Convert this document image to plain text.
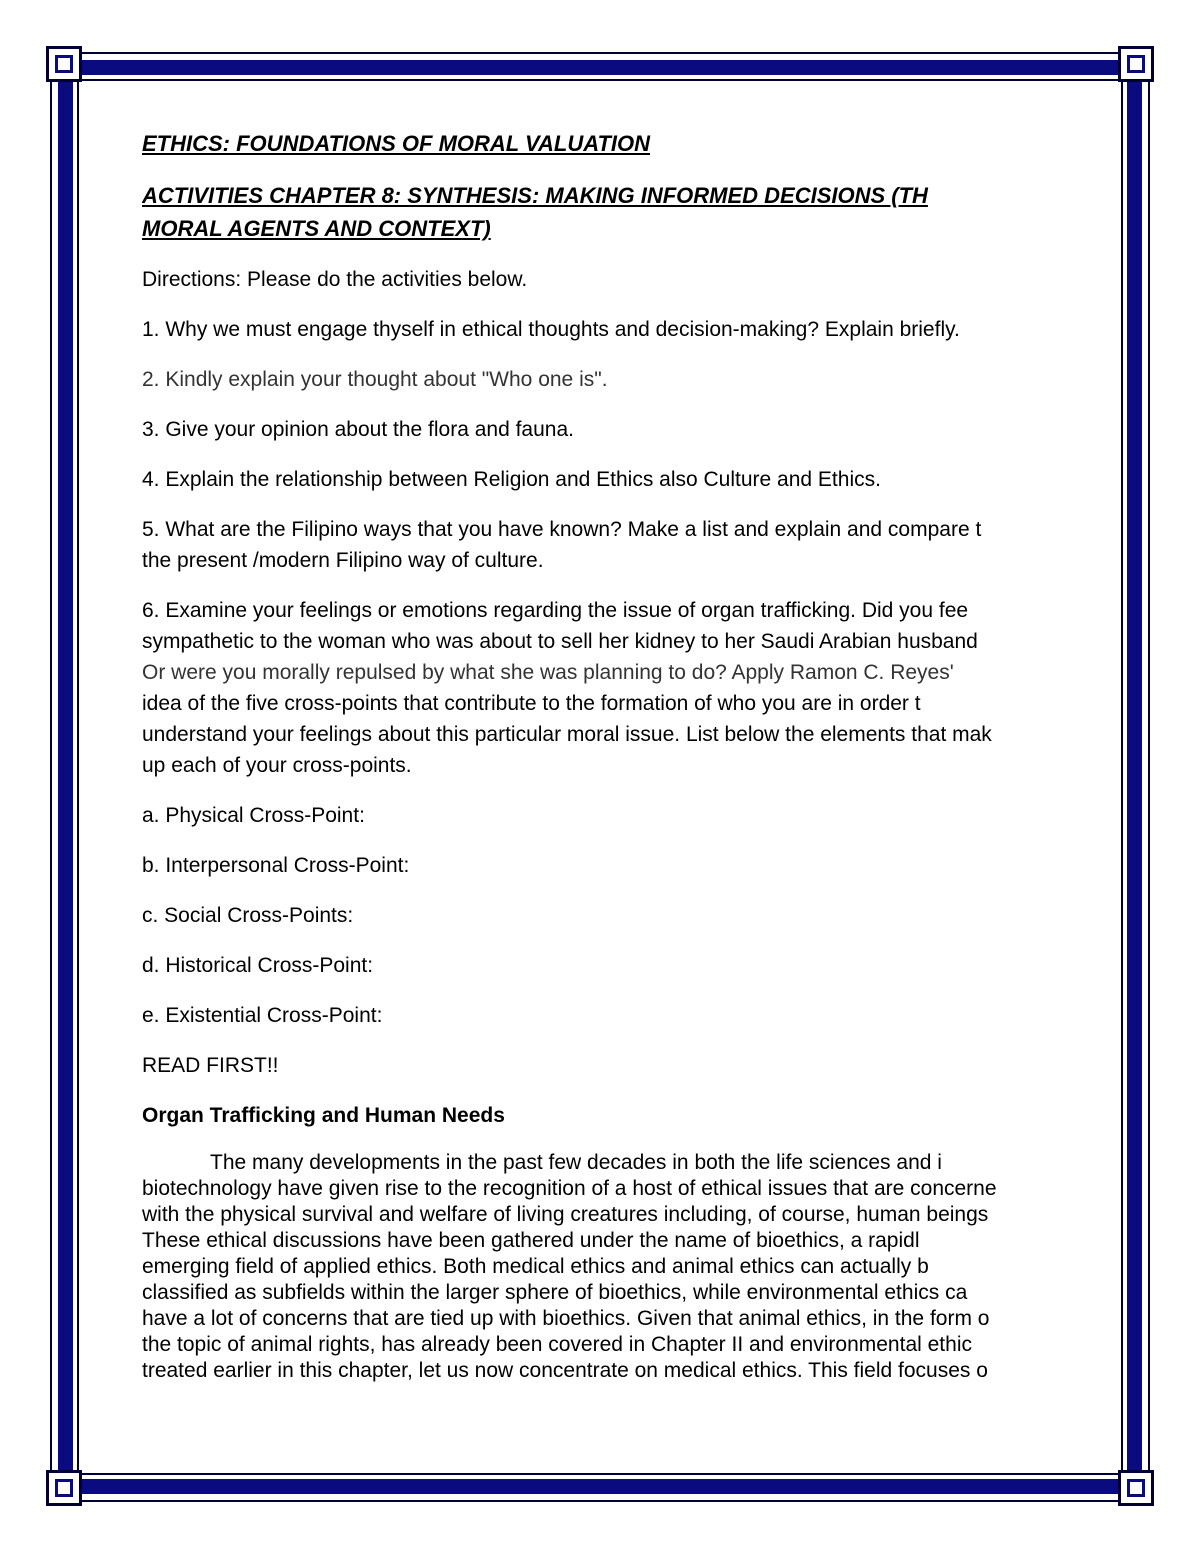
ETHICS: FOUNDATIONS OF MORAL VALUATION

ACTIVITIES CHAPTER 8: SYNTHESIS: MAKING INFORMED DECISIONS (TH
MORAL AGENTS AND CONTEXT)

Directions: Please do the activities below.

1. Why we must engage thyself in ethical thoughts and decision-making? Explain briefly.

2. Kindly explain your thought about "Who one is".

3. Give your opinion about the flora and fauna.

4. Explain the relationship between Religion and Ethics also Culture and Ethics.

5. What are the Filipino ways that you have known? Make a list and explain and compare t
the present /modern Filipino way of culture.

6. Examine your feelings or emotions regarding the issue of organ trafficking. Did you fee
sympathetic to the woman who was about to sell her kidney to her Saudi Arabian husband
Or were you morally repulsed by what she was planning to do? Apply Ramon C. Reyes'
idea of the five cross-points that contribute to the formation of who you are in order t
understand your feelings about this particular moral issue. List below the elements that mak
up each of your cross-points.

a. Physical Cross-Point:

b. Interpersonal Cross-Point:

c. Social Cross-Points:

d. Historical Cross-Point:

e. Existential Cross-Point:

READ FIRST!!

Organ Trafficking and Human Needs

The many developments in the past few decades in both the life sciences and i
biotechnology have given rise to the recognition of a host of ethical issues that are concerne
with the physical survival and welfare of living creatures including, of course, human beings
These ethical discussions have been gathered under the name of bioethics, a rapidl
emerging field of applied ethics. Both medical ethics and animal ethics can actually b
classified as subfields within the larger sphere of bioethics, while environmental ethics ca
have a lot of concerns that are tied up with bioethics. Given that animal ethics, in the form o
the topic of animal rights, has already been covered in Chapter II and environmental ethic
treated earlier in this chapter, let us now concentrate on medical ethics. This field focuses o
